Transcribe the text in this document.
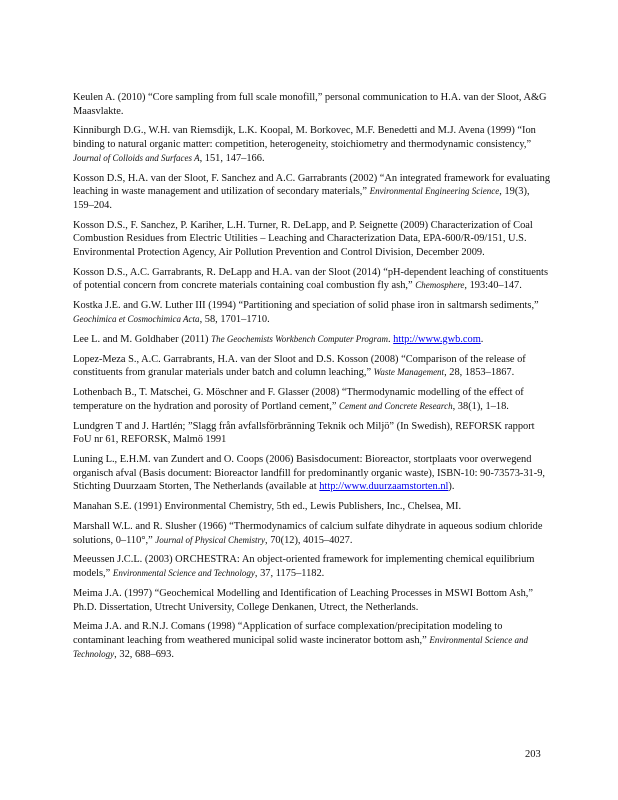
Keulen A. (2010) “Core sampling from full scale monofill,” personal communication to H.A. van der Sloot, A&G Maasvlakte.

Kinniburgh D.G., W.H. van Riemsdijk, L.K. Koopal, M. Borkovec, M.F. Benedetti and M.J. Avena (1999) “Ion binding to natural organic matter: competition, heterogeneity, stoichiometry and thermodynamic consistency,” Journal of Colloids and Surfaces A, 151, 147–166.

Kosson D.S, H.A. van der Sloot, F. Sanchez and A.C. Garrabrants (2002) “An integrated framework for evaluating leaching in waste management and utilization of secondary materials,” Environmental Engineering Science, 19(3), 159–204.

Kosson D.S., F. Sanchez, P. Kariher, L.H. Turner, R. DeLapp, and P. Seignette (2009) Characterization of Coal Combustion Residues from Electric Utilities – Leaching and Characterization Data, EPA‑600/R‑09/151, U.S. Environmental Protection Agency, Air Pollution Prevention and Control Division, December 2009.

Kosson D.S., A.C. Garrabrants, R. DeLapp and H.A. van der Sloot (2014) “pH‑dependent leaching of constituents of potential concern from concrete materials containing coal combustion fly ash,” Chemosphere, 193:40–147.

Kostka J.E. and G.W. Luther III (1994) “Partitioning and speciation of solid phase iron in saltmarsh sediments,” Geochimica et Cosmochimica Acta, 58, 1701–1710.

Lee L. and M. Goldhaber (2011) The Geochemists Workbench Computer Program. http://www.gwb.com.

Lopez‑Meza S., A.C. Garrabrants, H.A. van der Sloot and D.S. Kosson (2008) “Comparison of the release of constituents from granular materials under batch and column leaching,” Waste Management, 28, 1853–1867.

Lothenbach B., T. Matschei, G. Möschner and F. Glasser (2008) “Thermodynamic modelling of the effect of temperature on the hydration and porosity of Portland cement,” Cement and Concrete Research, 38(1), 1–18.

Lundgren T and J. Hartlén; ”Slagg från avfallsförbränning Teknik och Miljö” (In Swedish), REFORSK rapport FoU nr 61, REFORSK, Malmö 1991

Luning L., E.H.M. van Zundert and O. Coops (2006) Basisdocument: Bioreactor, stortplaats voor overwegend organisch afval (Basis document: Bioreactor landfill for predominantly organic waste), ISBN‑10: 90‑73573‑31‑9, Stichting Duurzaam Storten, The Netherlands (available at http://www.duurzaamstorten.nl).

Manahan S.E. (1991) Environmental Chemistry, 5th ed., Lewis Publishers, Inc., Chelsea, MI.

Marshall W.L. and R. Slusher (1966) “Thermodynamics of calcium sulfate dihydrate in aqueous sodium chloride solutions, 0–110°,” Journal of Physical Chemistry, 70(12), 4015–4027.

Meeussen J.C.L. (2003) ORCHESTRA: An object‑oriented framework for implementing chemical equilibrium models,” Environmental Science and Technology, 37, 1175–1182.

Meima J.A. (1997) “Geochemical Modelling and Identification of Leaching Processes in MSWI Bottom Ash,” Ph.D. Dissertation, Utrecht University, College Denkanen, Utrect, the Netherlands.

Meima J.A. and R.N.J. Comans (1998) “Application of surface complexation/precipitation modeling to contaminant leaching from weathered municipal solid waste incinerator bottom ash,” Environmental Science and Technology, 32, 688–693.

203
